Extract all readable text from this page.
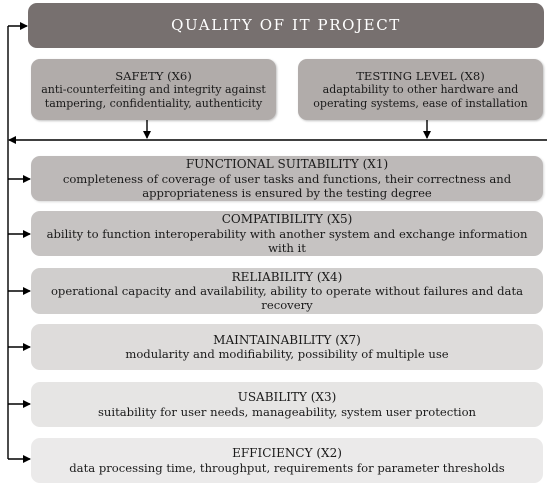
QUALITY OF IT PROJECT
SAFETY (X6)
anti-counterfeiting and integrity against tampering, confidentiality, authenticity
TESTING LEVEL (X8)
adaptability to other hardware and operating systems, ease of installation
FUNCTIONAL SUITABILITY (X1)
completeness of coverage of user tasks and functions, their correctness and appropriateness is ensured by the testing degree
COMPATIBILITY (X5)
ability to function interoperability with another system and exchange information with it
RELIABILITY (X4)
operational capacity and availability, ability to operate without failures and data recovery
MAINTAINABILITY (X7)
modularity and modifiability, possibility of multiple use
USABILITY (X3)
suitability for user needs, manageability, system user protection
EFFICIENCY (X2)
data processing time, throughput, requirements for parameter thresholds
